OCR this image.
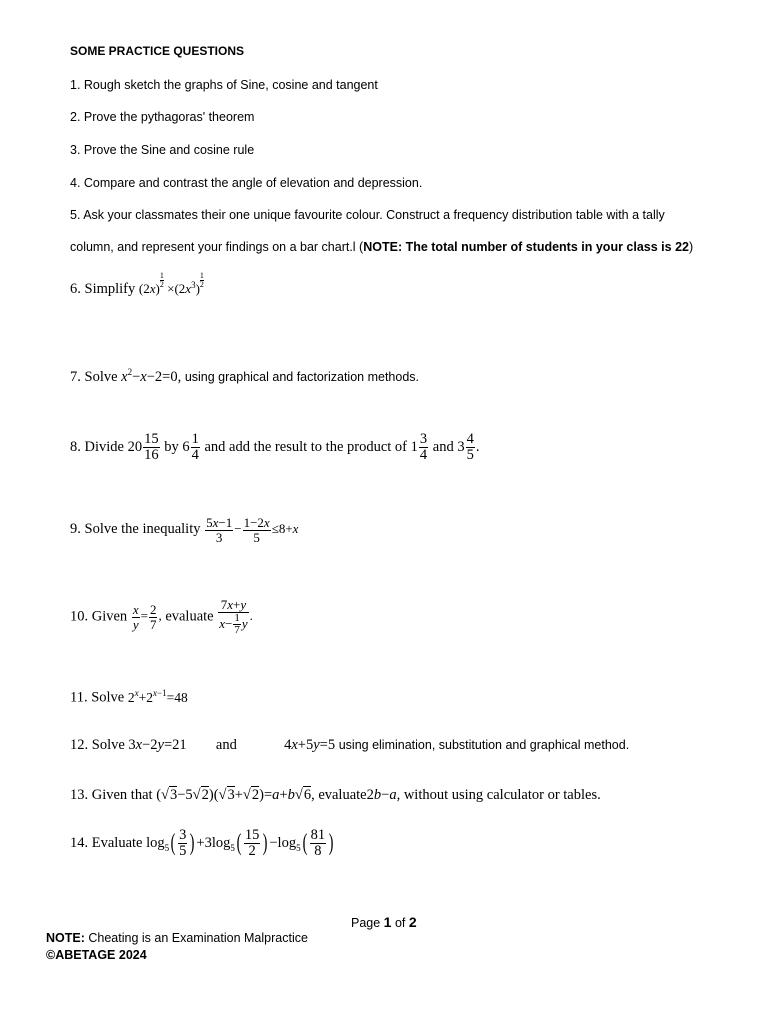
SOME PRACTICE QUESTIONS
1. Rough sketch the graphs of Sine, cosine and tangent
2. Prove the pythagoras' theorem
3. Prove the Sine and cosine rule
4. Compare and contrast the angle of elevation and depression.
5. Ask your classmates their one unique favourite colour. Construct a frequency distribution table with a tally
column, and represent your findings on a bar chart.l (NOTE: The total number of students in your class is 22)
6. Simplify $(2x) \frac{1}{2} \times(2x^3) \frac{1}{2}$
7. Solve $x^2-x-2=0$, using graphical and factorization methods.
8. Divide $20 \frac{15}{16}$ by $6 \frac{1}{4}$ and add the result to the product of $1 \frac{3}{4}$ and $3 \frac{4}{5}$ .
9. Solve the inequality $\frac{5x-1}{3} - \frac{1-2x}{5} \le 8+x$
10. Given $\frac{x}{y} = \frac{2}{7}$ , evaluate $\frac{7x+y}{x- \frac{1}{7} y}$ .
11. Solve $2^x+2^{x-1}=48$
12. Solve 3x−2y=21 and	4x+5y=5 using elimination, substitution and graphical method.
13. Given that (√3−5√2)(√3+√2)=a+b√6, evaluate2b−a, without using calculator or tables.
14. Evaluate $\log_5( \frac{3}{5}$ ) $+3\log_5( \frac{15}{2}$ ) $-\log_5( \frac{81}{8}$ )
Page 1 of 2
NOTE: Cheating is an Examination Malpractice
©ABETAGE 2024
